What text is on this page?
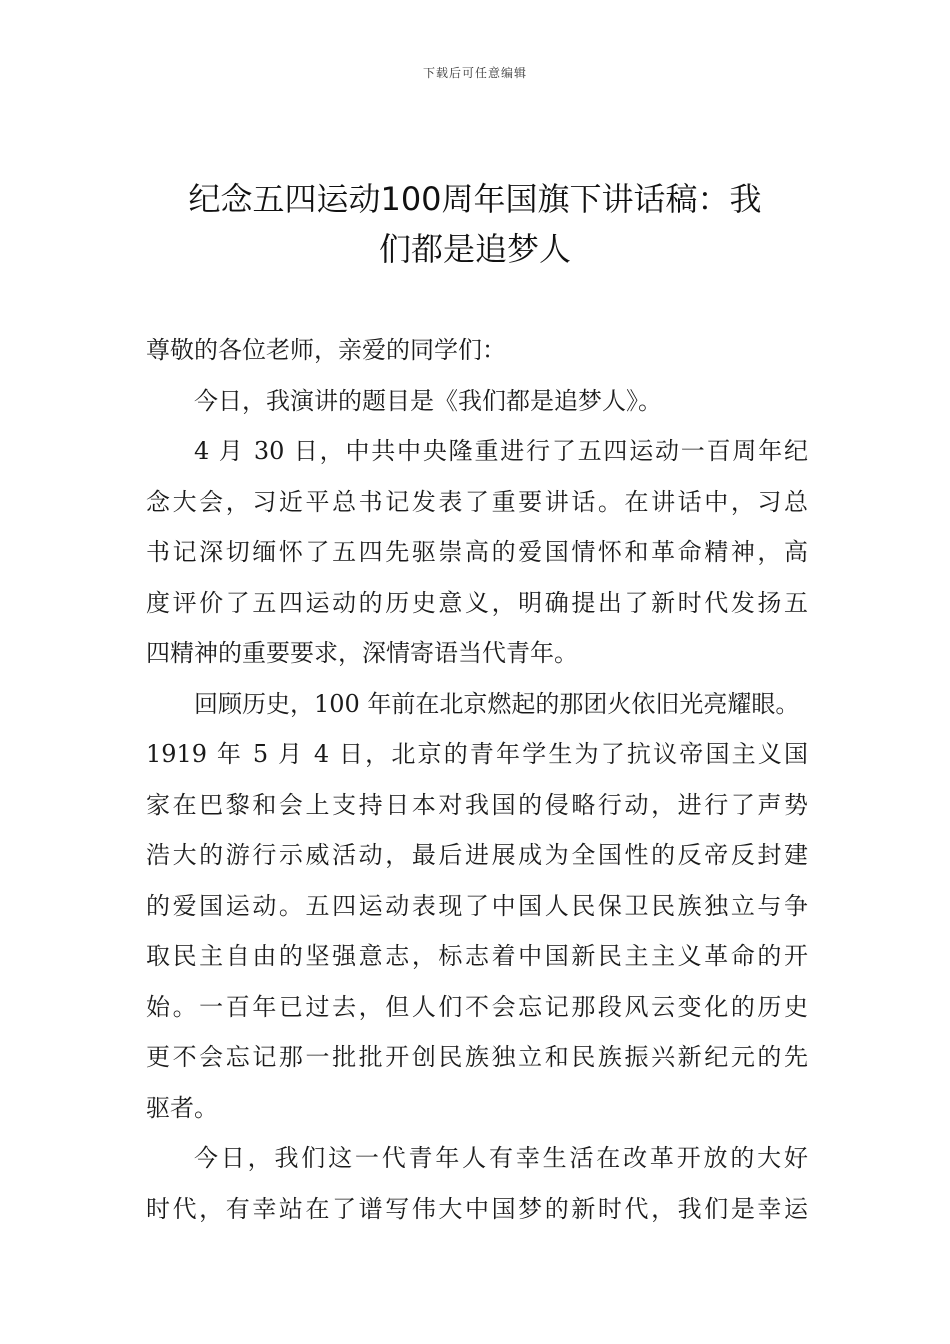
下载后可任意编辑
纪念五四运动100周年国旗下讲话稿：我
们都是追梦人
尊敬的各位老师，亲爱的同学们：
今日，我演讲的题目是《我们都是追梦人》。
4 月 30 日，中共中央隆重进行了五四运动一百周年纪
念大会，习近平总书记发表了重要讲话。在讲话中，习总
书记深切缅怀了五四先驱崇高的爱国情怀和革命精神，高
度评价了五四运动的历史意义，明确提出了新时代发扬五
四精神的重要要求，深情寄语当代青年。
回顾历史，100 年前在北京燃起的那团火依旧光亮耀眼。
1919 年 5 月 4 日，北京的青年学生为了抗议帝国主义国
家在巴黎和会上支持日本对我国的侵略行动，进行了声势
浩大的游行示威活动，最后进展成为全国性的反帝反封建
的爱国运动。五四运动表现了中国人民保卫民族独立与争
取民主自由的坚强意志，标志着中国新民主主义革命的开
始。一百年已过去，但人们不会忘记那段风云变化的历史
更不会忘记那一批批开创民族独立和民族振兴新纪元的先
驱者。
今日，我们这一代青年人有幸生活在改革开放的大好
时代，有幸站在了谱写伟大中国梦的新时代，我们是幸运
